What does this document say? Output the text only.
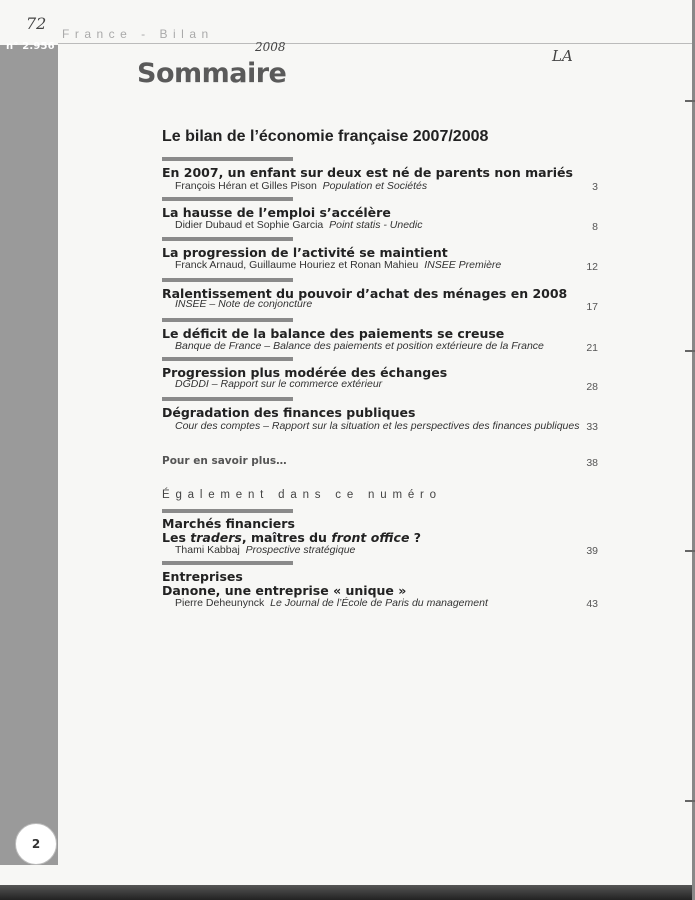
n° 2.956
France - Bilan
72
2008	LA
Sommaire
Le bilan de l’économie française 2007/2008
En 2007, un enfant sur deux est né de parents non mariés
François Héran et Gilles Pison Population et Sociétés	3
La hausse de l’emploi s’accélère
Didier Dubaud et Sophie Garcia Point statis - Unedic	8
La progression de l’activité se maintient
Franck Arnaud, Guillaume Houriez et Ronan Mahieu INSEE Première	12
Ralentissement du pouvoir d’achat des ménages en 2008
INSEE – Note de conjoncture	17
Le déficit de la balance des paiements se creuse
Banque de France – Balance des paiements et position extérieure de la France	21
Progression plus modérée des échanges
DGDDI – Rapport sur le commerce extérieur	28
Dégradation des finances publiques
Cour des comptes – Rapport sur la situation et les perspectives des finances publiques 33
Pour en savoir plus…	38
Également dans ce numéro
Marchés financiers
Les traders, maîtres du front office ?
Thami Kabbaj Prospective stratégique	39
Entreprises
Danone, une entreprise « unique »
Pierre Deheunynck Le Journal de l’École de Paris du management	43
2
